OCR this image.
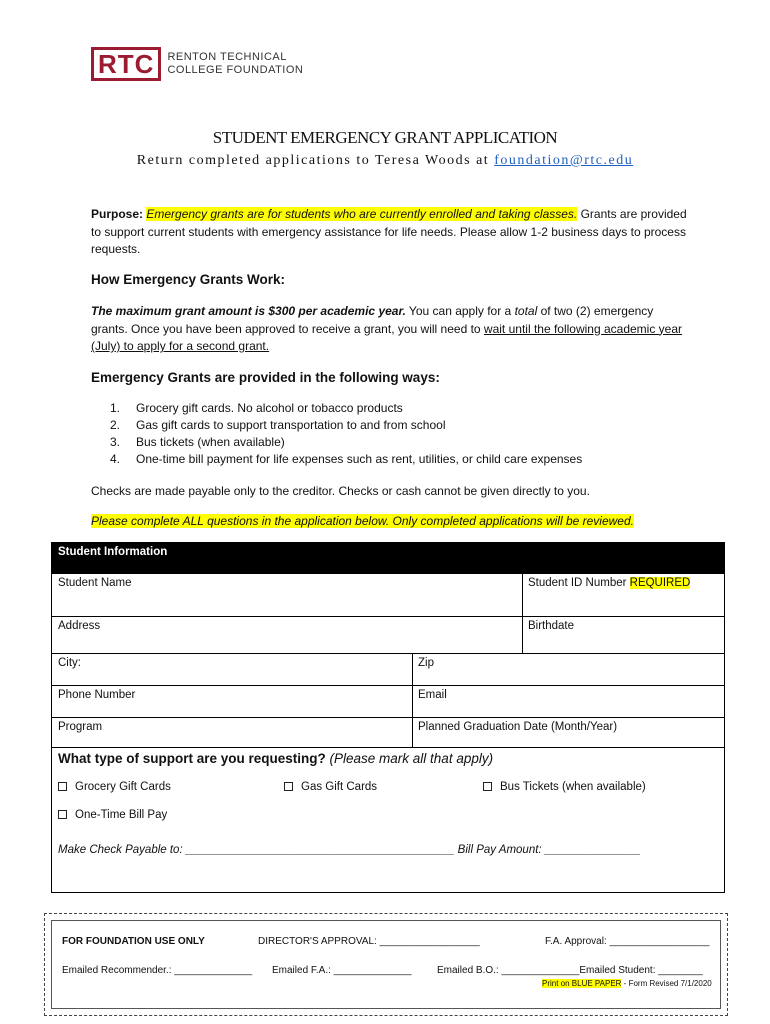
RTC	RENTON TECHNICAL
COLLEGE FOUNDATION
STUDENT EMERGENCY GRANT APPLICATION
Return completed applications to Teresa Woods at foundation@rtc.edu
Purpose: Emergency grants are for students who are currently enrolled and taking classes. Grants are provided to support current students with emergency assistance for life needs. Please allow 1-2 business days to process requests.
How Emergency Grants Work:
The maximum grant amount is $300 per academic year. You can apply for a total of two (2) emergency grants. Once you have been approved to receive a grant, you will need to wait until the following academic year (July) to apply for a second grant.
Emergency Grants are provided in the following ways:
1. Grocery gift cards. No alcohol or tobacco products
2. Gas gift cards to support transportation to and from school
3. Bus tickets (when available)
4. One-time bill payment for life expenses such as rent, utilities, or child care expenses
Checks are made payable only to the creditor. Checks or cash cannot be given directly to you.
Please complete ALL questions in the application below. Only completed applications will be reviewed.
Student Information
Student Name	Student ID Number REQUIRED
Address	Birthdate
City:	Zip
Phone Number	Email
Program	Planned Graduation Date (Month/Year)
What type of support are you requesting? (Please mark all that apply)
Grocery Gift Cards	Gas Gift Cards	Bus Tickets (when available)
One-Time Bill Pay
Make Check Payable to: __________________________________________ Bill Pay Amount: _______________
FOR FOUNDATION USE ONLY	DIRECTOR'S APPROVAL: __________________	F.A. Approval: __________________
Emailed Recommender.: ______________ Emailed F.A.: ______________	Emailed B.O.: ______________Emailed Student: ________
Print on BLUE PAPER - Form Revised 7/1/2020
